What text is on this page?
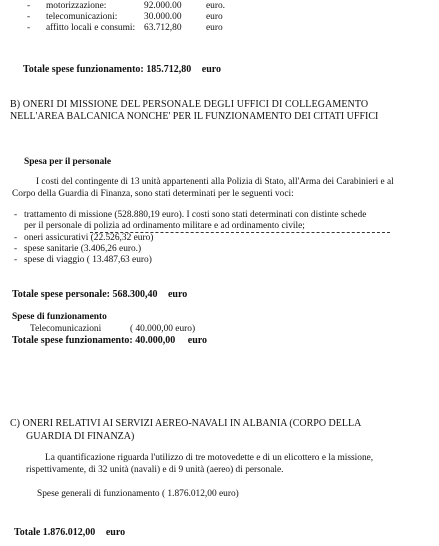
- motorizzazione:	92.000.00	euro.
- telecomunicazioni:	30.000.00	euro
- affitto locali e consumi: 63.712,80	euro
Totale spese funzionamento: 185.712,80 euro
B) ONERI DI MISSIONE DEL PERSONALE DEGLI UFFICI DI COLLEGAMENTO
NELL'AREA BALCANICA NONCHE' PER IL FUNZIONAMENTO DEI CITATI UFFICI
Spesa per il personale
I costi del contingente di 13 unità appartenenti alla Polizia di Stato, all'Arma dei Carabinieri e al
Corpo della Guardia di Finanza, sono stati determinati per le seguenti voci:
- trattamento di missione (528.880,19 euro). I costi sono stati determinati con distinte schede
per il personale di polizia ad ordinamento militare e ad ordinamento civile;
- oneri assicurativi (22.526,32 euro)
- spese sanitarie (3.406,26 euro.)
- spese di viaggio ( 13.487,63 euro)
Totale spese personale: 568.300,40 euro
Spese di funzionamento
Telecomunicazioni	( 40.000,00 euro)
Totale spese funzionamento: 40.000,00 euro
C) ONERI RELATIVI AI SERVIZI AEREO-NAVALI IN ALBANIA (CORPO DELLA
GUARDIA DI FINANZA)
La quantificazione riguarda l'utilizzo di tre motovedette e di un elicottero e la missione,
rispettivamente, di 32 unità (navali) e di 9 unità (aereo) di personale.
Spese generali di funzionamento ( 1.876.012,00 euro)
Totale 1.876.012,00 euro
